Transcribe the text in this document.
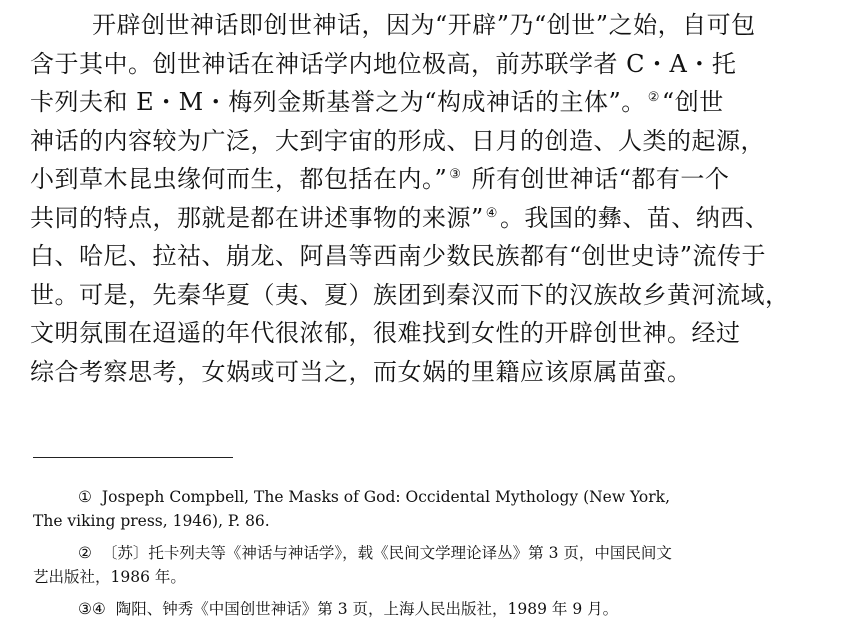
开辟创世神话即创世神话，因为“开辟”乃“创世”之始，自可包
含于其中。创世神话在神话学内地位极高，前苏联学者 C・A・托
卡列夫和 E・M・梅列金斯基誉之为“构成神话的主体”。 ②“创世
神话的内容较为广泛，大到宇宙的形成、日月的创造、人类的起源，
小到草木昆虫缘何而生，都包括在内。” ③ 所有创世神话“都有一个
共同的特点，那就是都在讲述事物的来源” ④。我国的彝、苗、纳西、
白、哈尼、拉祜、崩龙、阿昌等西南少数民族都有“创世史诗”流传于
世。可是，先秦华夏（夷、夏）族团到秦汉而下的汉族故乡黄河流域，
文明氛围在迢遥的年代很浓郁，很难找到女性的开辟创世神。经过
综合考察思考，女娲或可当之，而女娲的里籍应该原属苗蛮。
① Jospeph Compbell, The Masks of God: Occidental Mythology (New York,
The viking press, 1946), P. 86.
② 〔苏〕托卡列夫等《神话与神话学》，载《民间文学理论译丛》第 3 页，中国民间文
艺出版社，1986 年。
③④ 陶阳、钟秀《中国创世神话》第 3 页，上海人民出版社，1989 年 9 月。
